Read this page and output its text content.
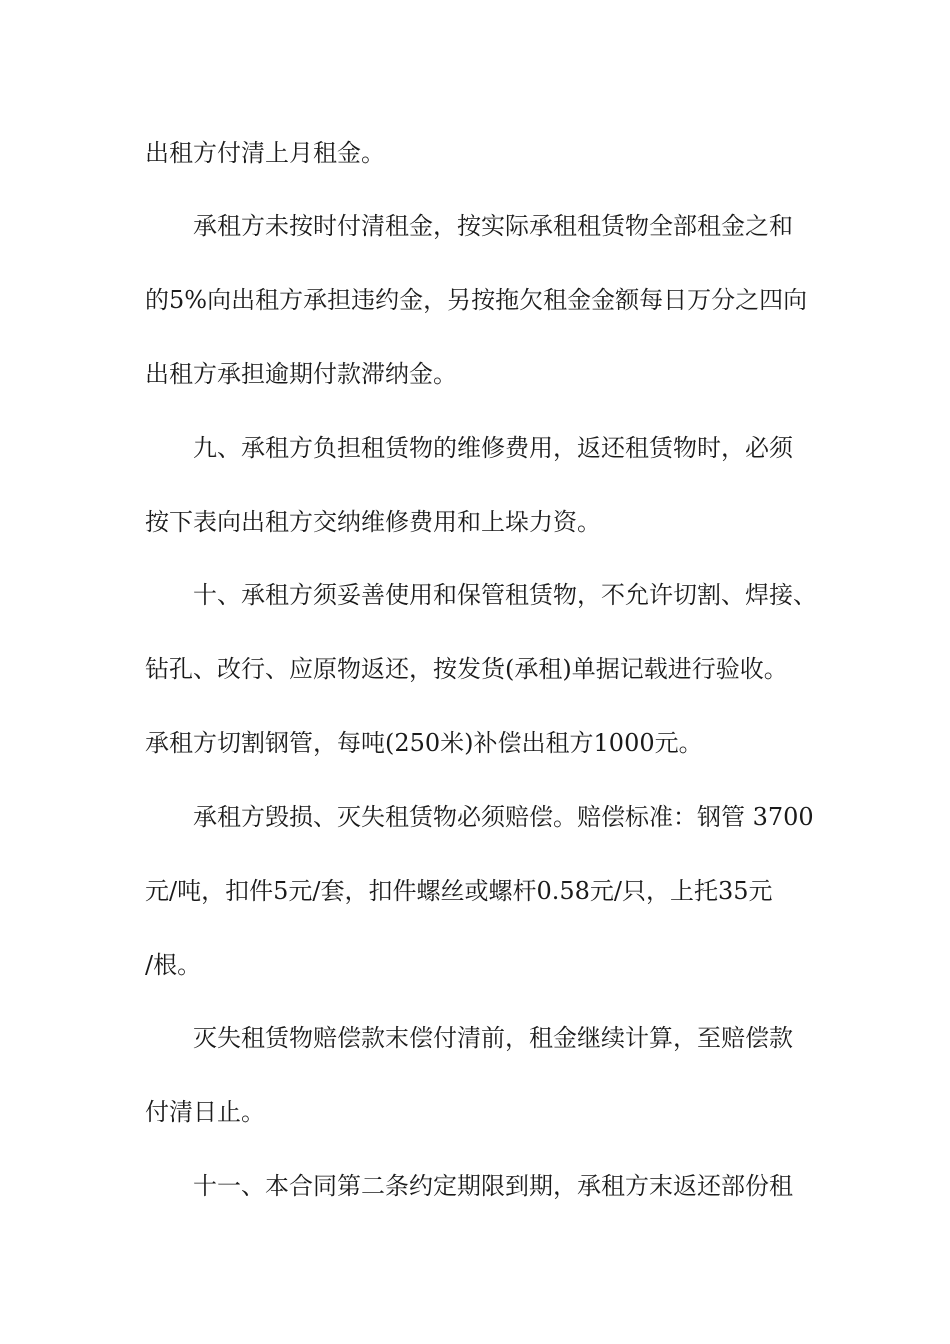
出租方付清上月租金。
承租方未按时付清租金，按实际承租租赁物全部租金之和
的5%向出租方承担违约金，另按拖欠租金金额每日万分之四向
出租方承担逾期付款滞纳金。
九、承租方负担租赁物的维修费用，返还租赁物时，必须
按下表向出租方交纳维修费用和上垛力资。
十、承租方须妥善使用和保管租赁物，不允许切割、焊接、
钻孔、改行、应原物返还，按发货(承租)单据记载进行验收。
承租方切割钢管，每吨(250米)补偿出租方1000元。
承租方毁损、灭失租赁物必须赔偿。赔偿标准：钢管 3700
元/吨，扣件5元/套，扣件螺丝或螺杆0.58元/只，上托35元
/根。
灭失租赁物赔偿款末偿付清前，租金继续计算，至赔偿款
付清日止。
十一、本合同第二条约定期限到期，承租方末返还部份租
